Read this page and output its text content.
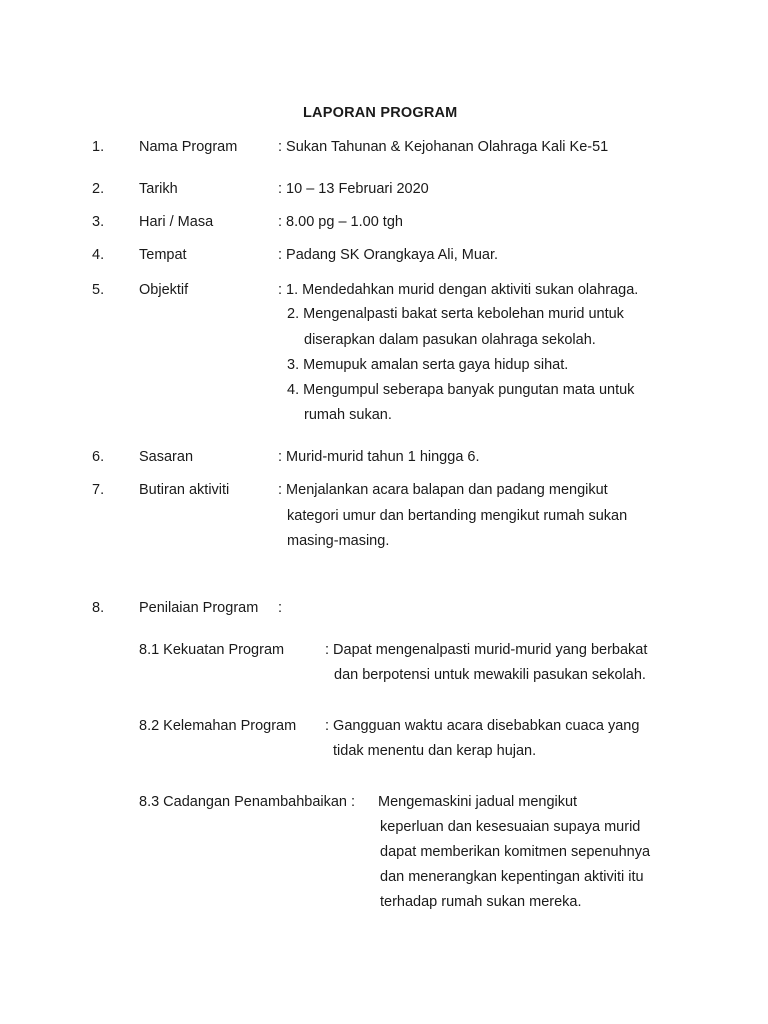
LAPORAN PROGRAM
1. Nama Program	: Sukan Tahunan & Kejohanan Olahraga Kali Ke-51
2. Tarikh	: 10 – 13 Februari 2020
3. Hari / Masa	: 8.00 pg – 1.00 tgh
4. Tempat	: Padang SK Orangkaya Ali, Muar.
5. Objektif	: 1. Mendedahkan murid dengan aktiviti sukan olahraga.
2. Mengenalpasti bakat serta kebolehan murid untuk
diserapkan dalam pasukan olahraga sekolah.
3. Memupuk amalan serta gaya hidup sihat.
4. Mengumpul seberapa banyak pungutan mata untuk
rumah sukan.
6. Sasaran	: Murid-murid tahun 1 hingga 6.
7. Butiran aktiviti	: Menjalankan acara balapan dan padang mengikut
kategori umur dan bertanding mengikut rumah sukan
masing-masing.
8. Penilaian Program :
8.1 Kekuatan Program	: Dapat mengenalpasti murid-murid yang berbakat
dan berpotensi untuk mewakili pasukan sekolah.
8.2 Kelemahan Program : Gangguan waktu acara disebabkan cuaca yang
tidak menentu dan kerap hujan.
8.3 Cadangan Penambahbaikan : Mengemaskini jadual mengikut
keperluan dan kesesuaian supaya murid
dapat memberikan komitmen sepenuhnya
dan menerangkan kepentingan aktiviti itu
terhadap rumah sukan mereka.
